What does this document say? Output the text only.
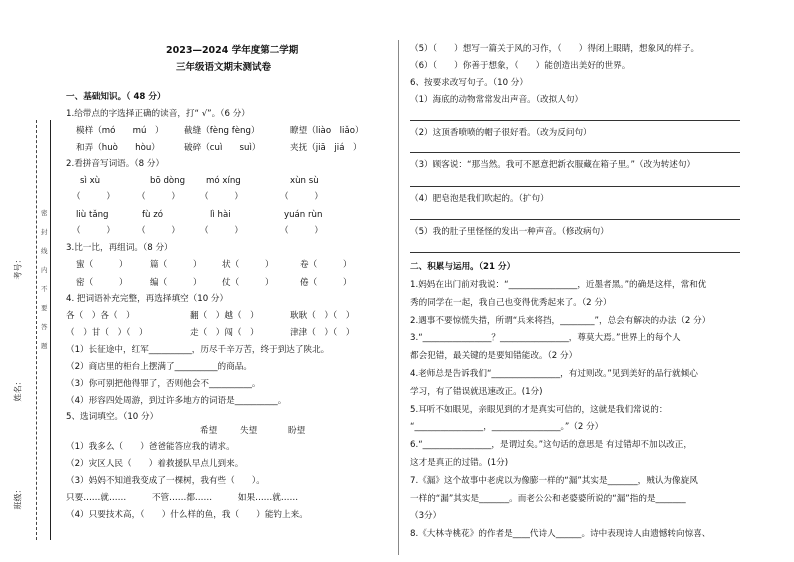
考号：
姓名：
班级：
密
封
线
内
不
要
答
题
2023—2024 学年度第二学期
三年级语文期末测试卷
一、基础知识。（ 48 分）
1.给带点的字选择正确的读音，打“ √”。（6 分）
模样（mó　　mú　） 截缝（fèng fèng）	瞭望（liào　liǎo）
和弄（huò　　hòu）	破碎（cuì　　suì）	夹抚（jiā　jiá　）
2.看拼音写词语。（8 分）
sì xù	bō dòng mó xíng	xùn sù
（　　　）	（　　　） （　　　）	（　　　）
liù tǎng	fù zó	lì hài	yuán rùn
（　　　）	（　　　） （　　　）	（　　　）
3.比一比，再组词。（8 分）
蜜（　　　）	篇（　　　） 状（　　　）	卷（　　　）
密（　　　）	编（　　　） 仗（　　　）	倦（　　　）
4. 把词语补充完整，再选择填空（10 分）
各（　）各（　）	翻（　）越（　）	耿耿（　）（　）
（　）甘（　）（　）	走（　）闯（　）	津津（　）（　）
（1）长征途中，红军__________，历尽千辛万苦，终于到达了陕北。
（2）商店里的柜台上摆满了__________的商品。
（3）你可别把他得罪了，否则他会不__________。
（4）形容四处周游，到过许多地方的词语是__________。
5、选词填空。（10 分）
希望	失望	盼望
（1）我多么（　　）爸爸能答应我的请求。
（2）灾区人民（　　）着救援队早点儿到来。
（3）妈妈不知道我变成了一棵树，我有些（　　）。
只要……就……　　　不管……都……　　　如果……就……
（4）只要技术高，（　　）什么样的鱼，我（　　）能钓上来。
（5）（　　）想写一篇关于风的习作，（　　）得闭上眼睛，想象风的样子。
（6）（　　）你善于想象，（　　）能创造出美好的世界。
6、按要求改写句子。（10 分）
（1）海底的动物常常发出声音。（改拟人句）
（2）这顶香喷喷的帽子很好看。（改为反问句）
（3）顾客说：“那当然。我可不愿意把新衣服藏在箱子里。”（改为转述句）
（4）肥皂泡是我们吹起的。（扩句）
（5）我的肚子里怪怪的发出一种声音。（修改病句）
二、积累与运用。（21 分）
1.妈妈在出门前对我说：“________________，近墨者黑。”的确是这样，常和优
秀的同学在一起，我自己也变得优秀起来了。（2 分）
2.遇事不要惊慌失措，所谓“兵来将挡，________”，总会有解决的办法（2 分）
3.“________________？________________，尊莫大焉。”世界上的每个人
都会犯错，最关键的是要知错能改。（2 分）
4.老师总是告诉我们“________________，有过则改。”见到美好的品行就倾心
学习，有了错误就迅速改正。(1分)
5.耳听不如眼见，亲眼见到的才是真实可信的，这就是我们常说的：
“________________，________________。”（2 分）
6.“________________，是谓过矣。”这句话的意思是 有过错却不加以改正，
这才是真正的过错。(1分)
7.《漏》这个故事中老虎以为像膨一样的“漏”其实是_______，贼认为像旋风
一样的“漏”其实是_______。而老公公和老婆婆所说的“漏”指的是_______
（3分）
8.《大林寺桃花》的作者是____代诗人______。诗中表现诗人由遗憾转向惊喜、
